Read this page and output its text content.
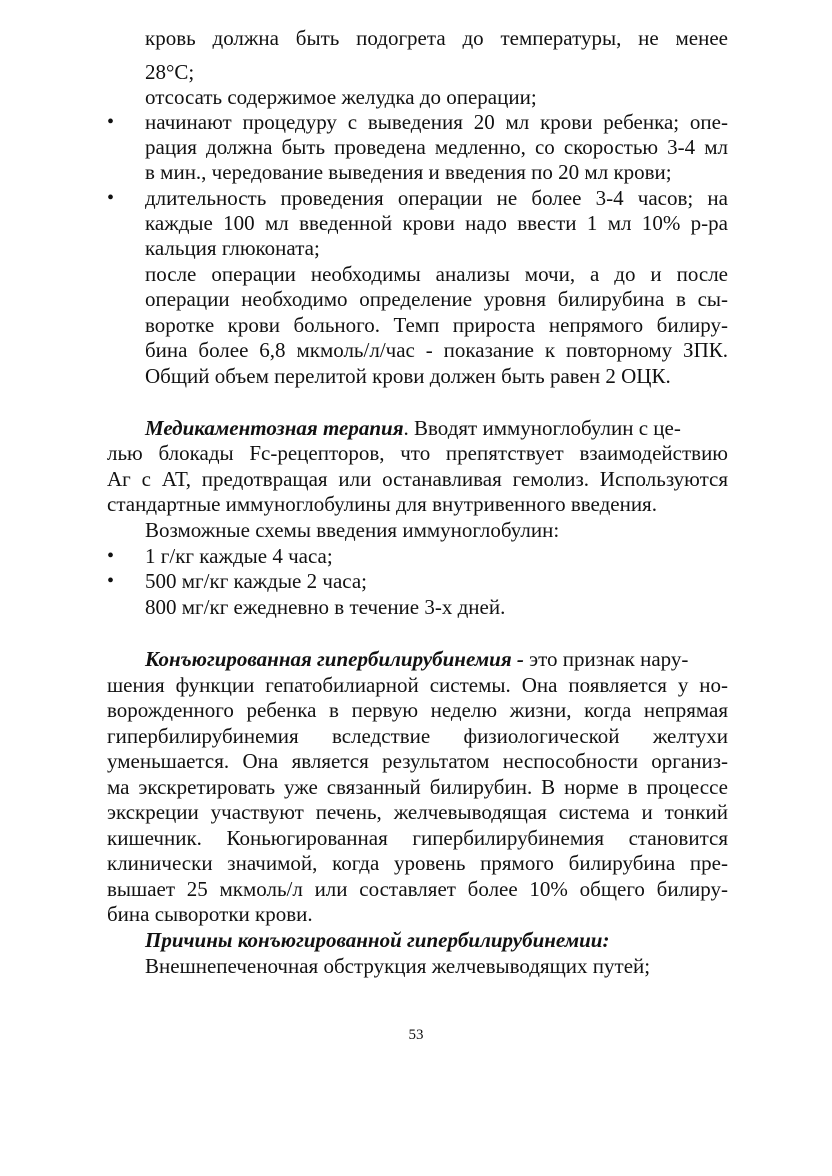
кровь должна быть подогрета до температуры, не менее
28°С;
отсосать содержимое желудка до операции;
• начинают процедуру с выведения 20 мл крови ребенка; опе-
рация должна быть проведена медленно, со скоростью 3-4 мл
в мин., чередование выведения и введения по 20 мл крови;
• длительность проведения операции не более 3-4 часов; на
каждые 100 мл введенной крови надо ввести 1 мл 10% р-ра
кальция глюконата;
после операции необходимы анализы мочи, а до и после
операции необходимо определение уровня билирубина в сы-
воротке крови больного. Темп прироста непрямого билиру-
бина более 6,8 мкмоль/л/час - показание к повторному ЗПК.
Общий объем перелитой крови должен быть равен 2 ОЦК.
Медикаментозная терапия. Вводят иммуноглобулин с це-
лью блокады Fc-рецепторов, что препятствует взаимодействию
Аг с АТ, предотвращая или останавливая гемолиз. Используются
стандартные иммуноглобулины для внутривенного введения.
Возможные схемы введения иммуноглобулин:
• 1 г/кг каждые 4 часа;
• 500 мг/кг каждые 2 часа;
800 мг/кг ежедневно в течение 3-х дней.
Конъюгированная гипербилирубинемия - это признак нару-
шения функции гепатобилиарной системы. Она появляется у но-
ворожденного ребенка в первую неделю жизни, когда непрямая
гипербилирубинемия вследствие физиологической желтухи
уменьшается. Она является результатом неспособности организ-
ма экскретировать уже связанный билирубин. В норме в процессе
экскреции участвуют печень, желчевыводящая система и тонкий
кишечник. Коньюгированная гипербилирубинемия становится
клинически значимой, когда уровень прямого билирубина пре-
вышает 25 мкмоль/л или составляет более 10% общего билиру-
бина сыворотки крови.
Причины конъюгированной гипербилирубинемии:
Внешнепеченочная обструкция желчевыводящих путей;
53
